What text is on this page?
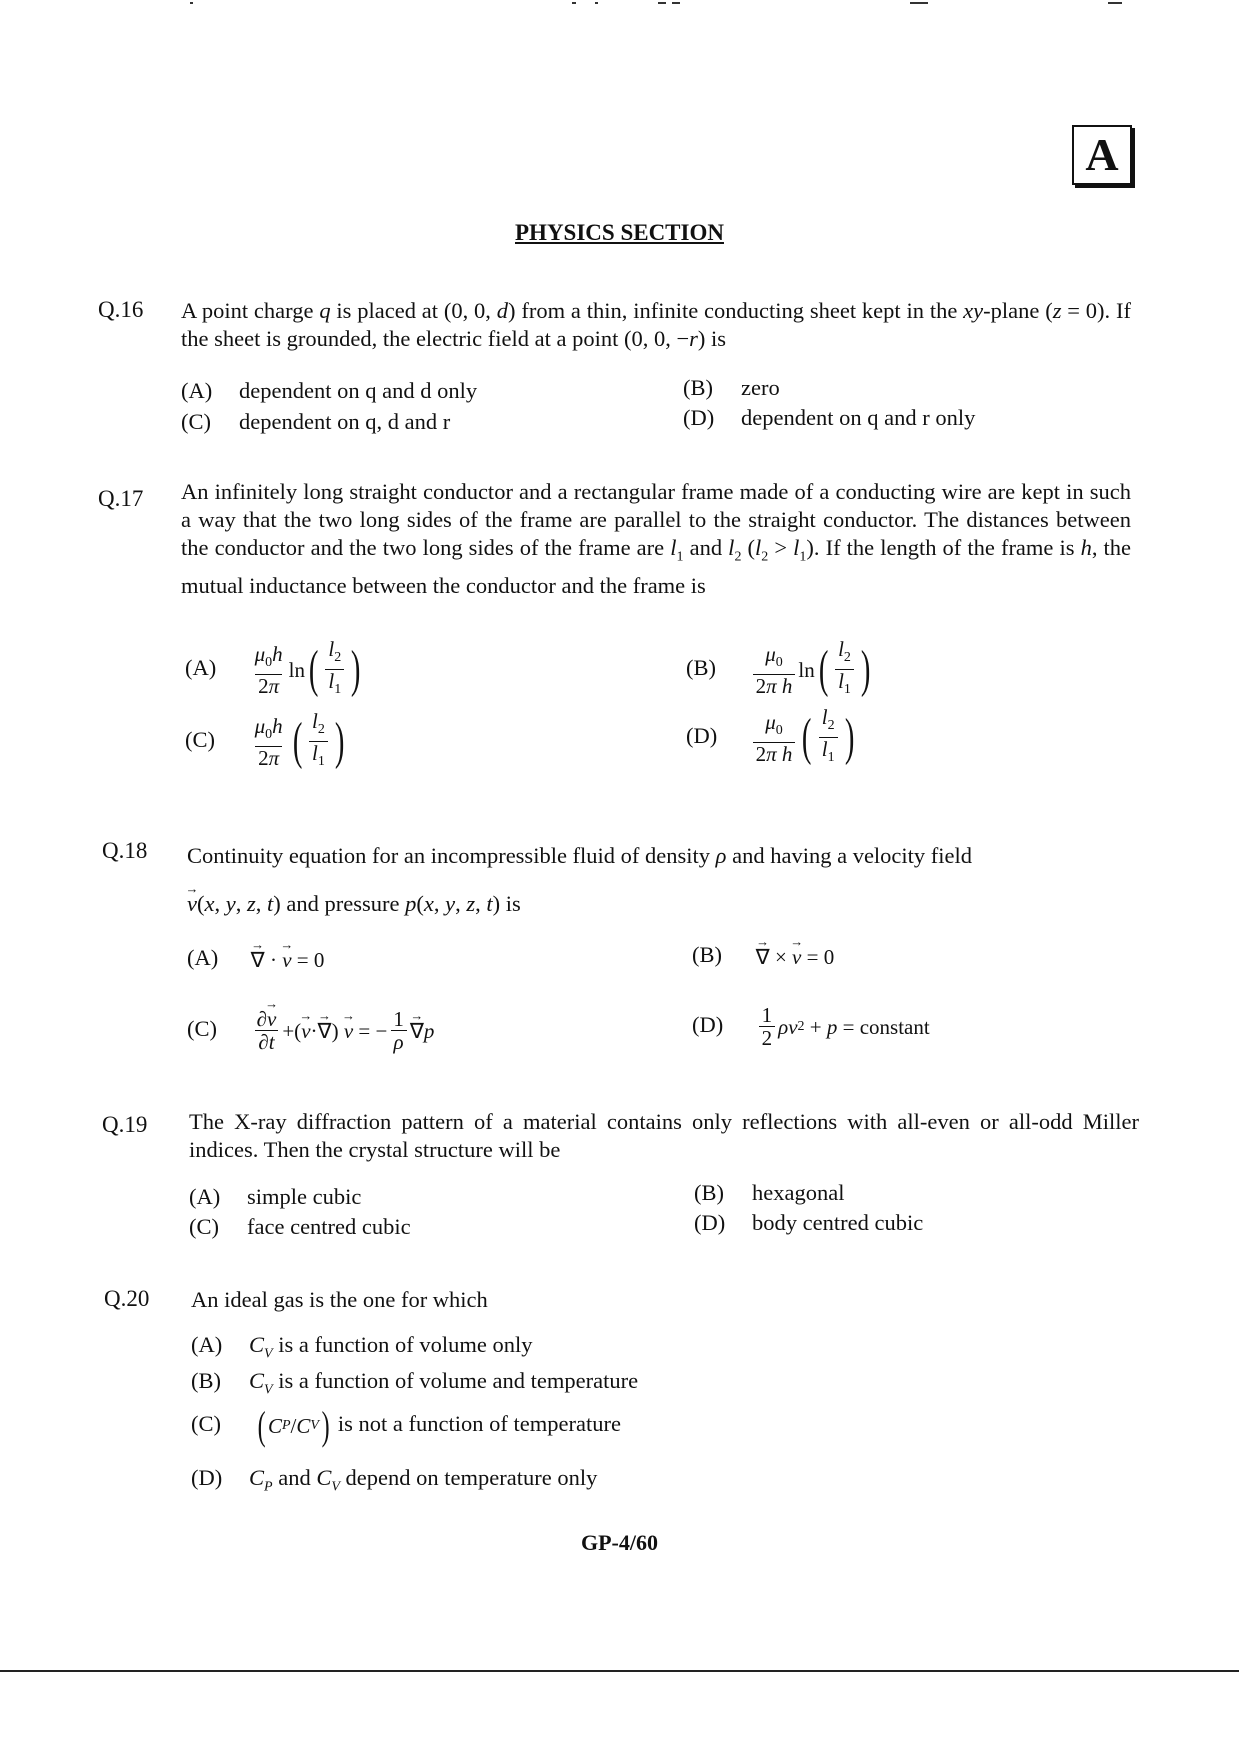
A
PHYSICS SECTION
Q.16 A point charge q is placed at (0, 0, d) from a thin, infinite conducting sheet kept in the xy-plane (z = 0). If the sheet is grounded, the electric field at a point (0, 0, −r) is
(A) dependent on q and d only	(B) zero
(C) dependent on q, d and r	(D) dependent on q and r only
Q.17 An infinitely long straight conductor and a rectangular frame made of a conducting wire are kept in such a way that the two long sides of the frame are parallel to the straight conductor. The distances between the conductor and the two long sides of the frame are $l_1$ and $l_2$ $(l_2 > l_1)$. If the length of the frame is h, the mutual inductance between the conductor and the frame is
$(A) \frac{\mu_0h}{2\pi}$ ln ( $\frac{l_2}{l_1}$ )	$(B) \frac{\mu_0}{\text{2π h}}$ ln ( $\frac{l_2}{l_1}$ )
$(C) \frac{\mu_0h}{2\pi}$ ( $\frac{l_2}{l_1}$ )	$(D) \frac{\mu_0}{\text{2π h}}$ ( $\frac{l_2}{l_1}$ )
Q.18 Continuity equation for an incompressible fluid of density ρ and having a velocity field
→ v(x, y, z, t) and pressure p(x, y, z, t) is
(A) → ∇ · → v = 0	(B) → ∇ × → v = 0
$(C) \frac{\partial\to v}{\partial t}$ +( → v · → ∇ ) → v = − $\frac{1}{\rho}$ → ∇ p	$(D) \frac{1}{2}$ ρv 2 + p
= constant
Q.19 The X-ray diffraction pattern of a material contains only reflections with all-even or all-odd Miller indices. Then the crystal structure will be
(A) simple cubic	(B) hexagonal
(C) face centred cubic	(D) body centred cubic
Q.20 An ideal gas is the one for which
(A) $C_V$ is a function of volume only
(B) $C_V$ is a function of volume and temperature
(C) ( C P / C V ) is not a function of temperature
(D) $C_P$ and $C_V$ depend on temperature only
GP-4/60
